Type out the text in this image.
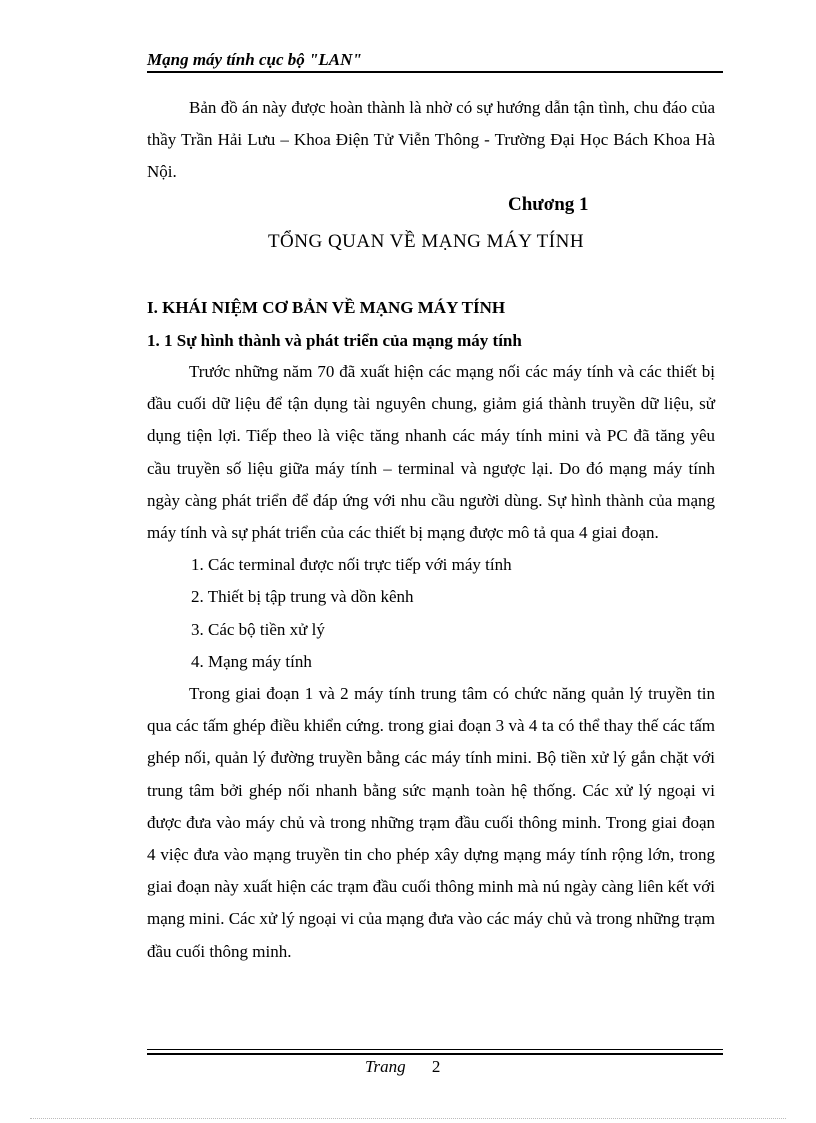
Mạng máy tính cục bộ "LAN"

Bản đồ án này được hoàn thành là nhờ có sự hướng dẫn tận tình, chu đáo của thầy Trần Hải Lưu – Khoa Điện Tử Viễn Thông - Trường Đại Học Bách Khoa Hà Nội.

Chương 1
TỔNG QUAN VỀ MẠNG MÁY TÍNH
I. KHÁI NIỆM CƠ BẢN VỀ MẠNG MÁY TÍNH
1. 1 Sự hình thành và phát triển của mạng máy tính

Trước những năm 70 đã xuất hiện các mạng nối các máy tính và các thiết bị đầu cuối dữ liệu để tận dụng tài nguyên chung, giảm giá thành truyền dữ liệu, sử dụng tiện lợi. Tiếp theo là việc tăng nhanh các máy tính mini và PC đã tăng yêu cầu truyền số liệu giữa máy tính – terminal và ngược lại. Do đó mạng máy tính ngày càng phát triển để đáp ứng với nhu cầu người dùng. Sự hình thành của mạng máy tính và sự phát triển của các thiết bị mạng được mô tả qua 4 giai đoạn.

1. Các terminal được nối trực tiếp với máy tính
2. Thiết bị tập trung và dồn kênh
3. Các bộ tiền xử lý
4. Mạng máy tính

Trong giai đoạn 1 và 2 máy tính trung tâm có chức năng quản lý truyền tin qua các tấm ghép điều khiển cứng. trong giai đoạn 3 và 4 ta có thể thay thế các tấm ghép nối, quản lý đường truyền bằng các máy tính mini. Bộ tiền xử lý gắn chặt với trung tâm bởi ghép nối nhanh bằng sức mạnh toàn hệ thống. Các xử lý ngoại vi được đưa vào máy chủ và trong những trạm đầu cuối thông minh. Trong giai đoạn 4 việc đưa vào mạng truyền tin cho phép xây dựng mạng máy tính rộng lớn, trong giai đoạn này xuất hiện các trạm đầu cuối thông minh mà nú ngày càng liên kết với mạng mini. Các xử lý ngoại vi của mạng đưa vào các máy chủ và trong những trạm đầu cuối thông minh.

Trang 2
